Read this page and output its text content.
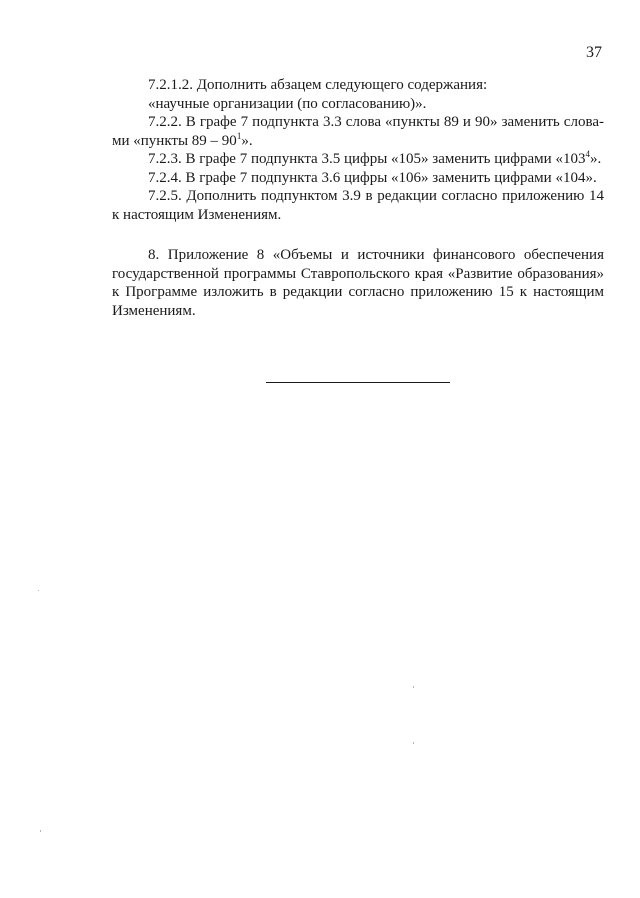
37

7.2.1.2. Дополнить абзацем следующего содержания:

«научные организации (по согласованию)».

7.2.2. В графе 7 подпункта 3.3 слова «пункты 89 и 90» заменить слова-

ми «пункты $89 - 90^1$».

7.2.3. В графе 7 подпункта 3.5 цифры «105» заменить цифрами «$103^4$».

7.2.4. В графе 7 подпункта 3.6 цифры «106» заменить цифрами «104».

7.2.5. Дополнить подпунктом 3.9 в редакции согласно приложению 14 к настоящим Изменениям.

8. Приложение 8 «Объемы и источники финансового обеспечения государственной программы Ставропольского края «Развитие образования» к Программе изложить в редакции согласно приложению 15 к настоящим Изменениям.
